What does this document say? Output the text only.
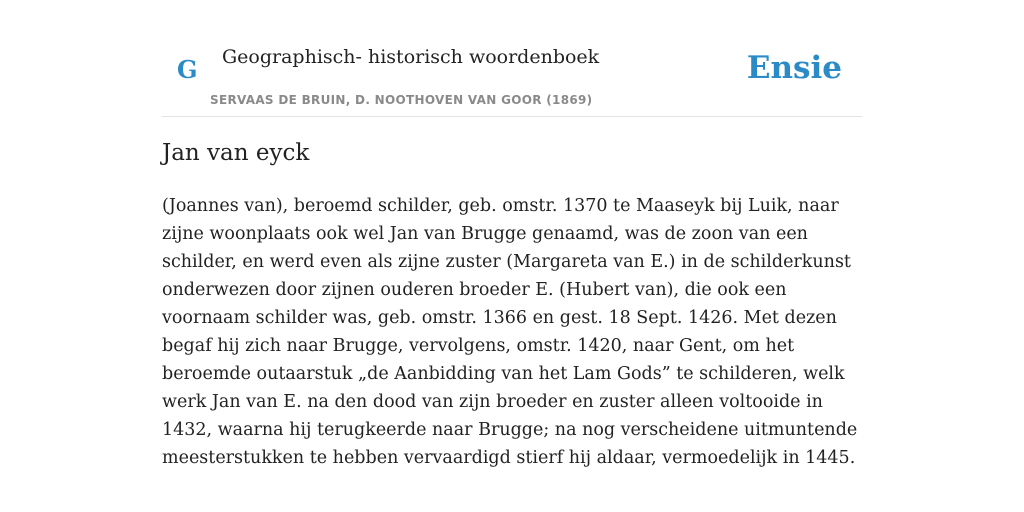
G Geographisch- historisch woordenboek
SERVAAS DE BRUIN, D. NOOTHOVEN VAN GOOR (1869)
Ensie
Jan van eyck

(Joannes van), beroemd schilder, geb. omstr. 1370 te Maaseyk bij Luik, naar zijne woonplaats ook wel Jan van Brugge genaamd, was de zoon van een schilder, en werd even als zijne zuster (Margareta van E.) in de schilderkunst onderwezen door zijnen ouderen broeder E. (Hubert van), die ook een voornaam schilder was, geb. omstr. 1366 en gest. 18 Sept. 1426. Met dezen begaf hij zich naar Brugge, vervolgens, omstr. 1420, naar Gent, om het beroemde outaarstuk „de Aanbidding van het Lam Gods” te schilderen, welk werk Jan van E. na den dood van zijn broeder en zuster alleen voltooide in 1432, waarna hij terugkeerde naar Brugge; na nog verscheidene uitmuntende meesterstukken te hebben vervaardigd stierf hij aldaar, vermoedelijk in 1445.
